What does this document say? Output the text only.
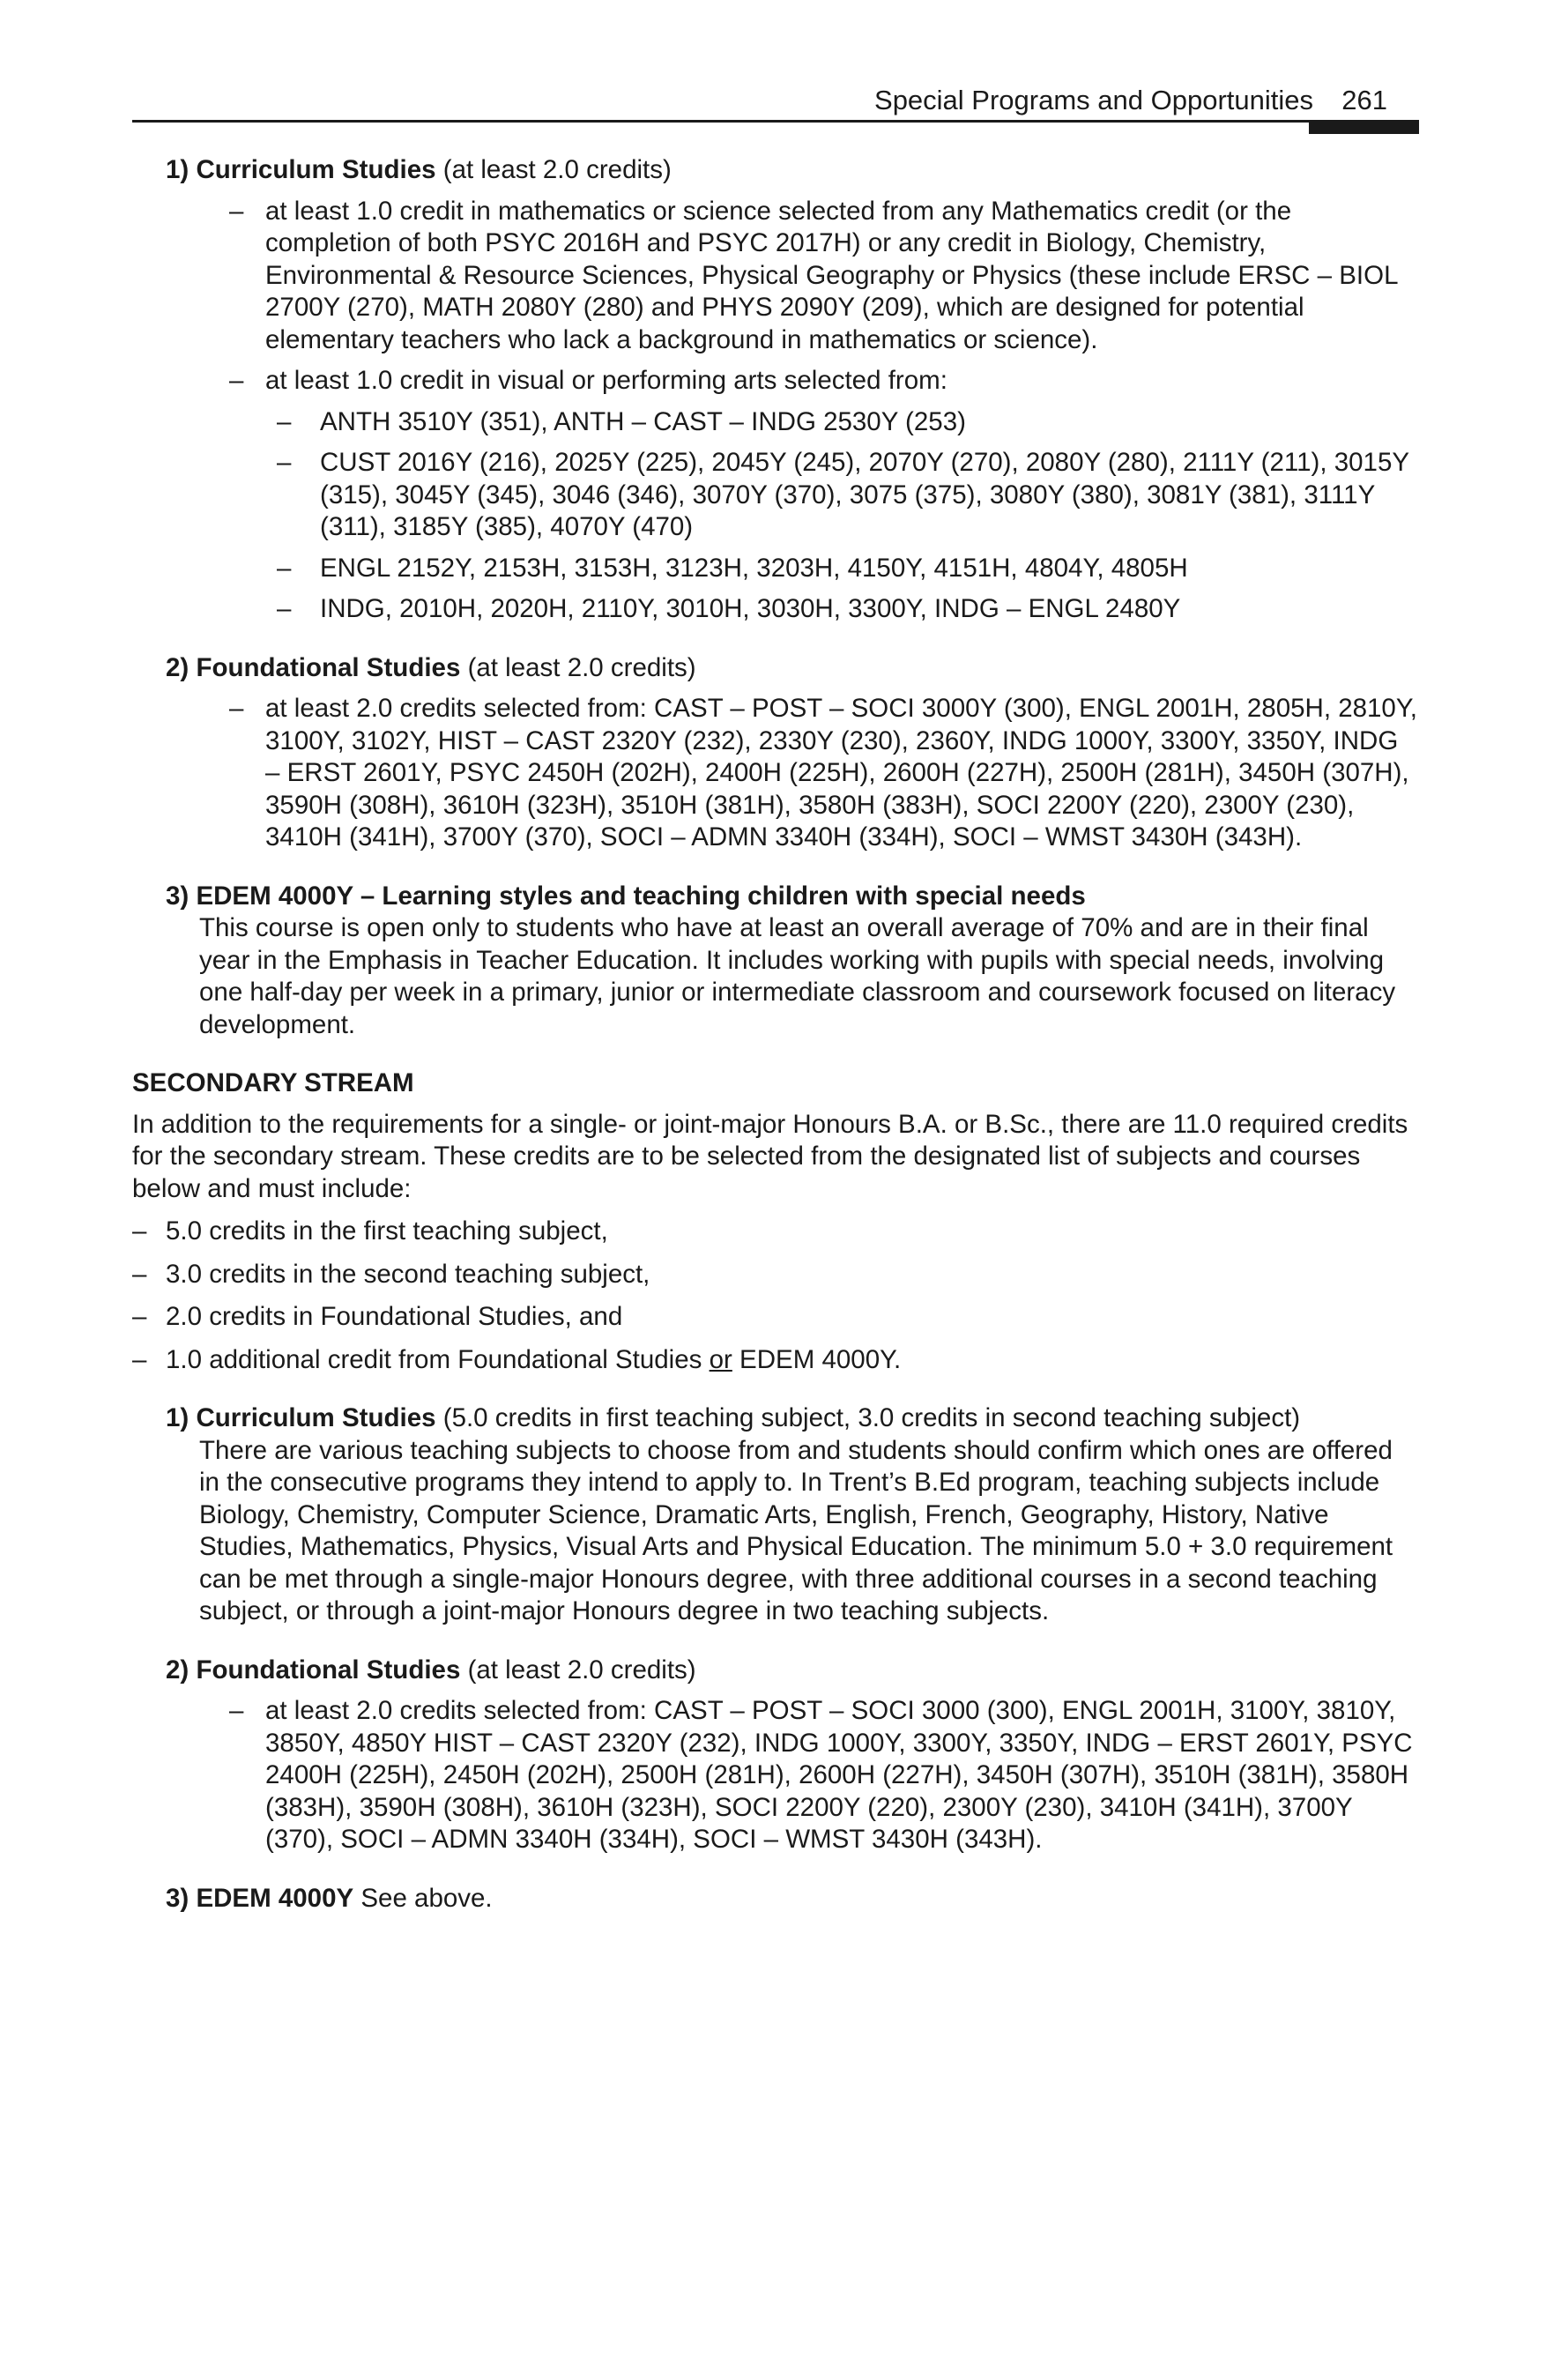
Special Programs and Opportunities 261
1) Curriculum Studies (at least 2.0 credits)
– at least 1.0 credit in mathematics or science selected from any Mathematics credit (or the completion of both PSYC 2016H and PSYC 2017H) or any credit in Biology, Chemistry, Environmental & Resource Sciences, Physical Geography or Physics (these include ERSC – BIOL 2700Y (270), MATH 2080Y (280) and PHYS 2090Y (209), which are designed for potential elementary teachers who lack a background in mathematics or science).
– at least 1.0 credit in visual or performing arts selected from:
– ANTH 3510Y (351), ANTH – CAST – INDG 2530Y (253)
– CUST 2016Y (216), 2025Y (225), 2045Y (245), 2070Y (270), 2080Y (280), 2111Y (211), 3015Y (315), 3045Y (345), 3046 (346), 3070Y (370), 3075 (375), 3080Y (380), 3081Y (381), 3111Y (311), 3185Y (385), 4070Y (470)
– ENGL 2152Y, 2153H, 3153H, 3123H, 3203H, 4150Y, 4151H, 4804Y, 4805H
– INDG, 2010H, 2020H, 2110Y, 3010H, 3030H, 3300Y, INDG – ENGL 2480Y
2) Foundational Studies (at least 2.0 credits)
– at least 2.0 credits selected from: CAST – POST – SOCI 3000Y (300), ENGL 2001H, 2805H, 2810Y, 3100Y, 3102Y, HIST – CAST 2320Y (232), 2330Y (230), 2360Y, INDG 1000Y, 3300Y, 3350Y, INDG – ERST 2601Y, PSYC 2450H (202H), 2400H (225H), 2600H (227H), 2500H (281H), 3450H (307H), 3590H (308H), 3610H (323H), 3510H (381H), 3580H (383H), SOCI 2200Y (220), 2300Y (230), 3410H (341H), 3700Y (370), SOCI – ADMN 3340H (334H), SOCI – WMST 3430H (343H).
3) EDEM 4000Y – Learning styles and teaching children with special needs
This course is open only to students who have at least an overall average of 70% and are in their final year in the Emphasis in Teacher Education. It includes working with pupils with special needs, involving one half-day per week in a primary, junior or intermediate classroom and coursework focused on literacy development.
SECONDARY STREAM
In addition to the requirements for a single- or joint-major Honours B.A. or B.Sc., there are 11.0 required credits for the secondary stream. These credits are to be selected from the designated list of subjects and courses below and must include:
– 5.0 credits in the first teaching subject,
– 3.0 credits in the second teaching subject,
– 2.0 credits in Foundational Studies, and
– 1.0 additional credit from Foundational Studies or EDEM 4000Y.
1) Curriculum Studies (5.0 credits in first teaching subject, 3.0 credits in second teaching subject)
There are various teaching subjects to choose from and students should confirm which ones are offered in the consecutive programs they intend to apply to. In Trent’s B.Ed program, teaching subjects include Biology, Chemistry, Computer Science, Dramatic Arts, English, French, Geography, History, Native Studies, Mathematics, Physics, Visual Arts and Physical Education. The minimum 5.0 + 3.0 requirement can be met through a single-major Honours degree, with three additional courses in a second teaching subject, or through a joint-major Honours degree in two teaching subjects.
2) Foundational Studies (at least 2.0 credits)
– at least 2.0 credits selected from: CAST – POST – SOCI 3000 (300), ENGL 2001H, 3100Y, 3810Y, 3850Y, 4850Y HIST – CAST 2320Y (232), INDG 1000Y, 3300Y, 3350Y, INDG – ERST 2601Y, PSYC 2400H (225H), 2450H (202H), 2500H (281H), 2600H (227H), 3450H (307H), 3510H (381H), 3580H (383H), 3590H (308H), 3610H (323H), SOCI 2200Y (220), 2300Y (230), 3410H (341H), 3700Y (370), SOCI – ADMN 3340H (334H), SOCI – WMST 3430H (343H).
3) EDEM 4000Y See above.
